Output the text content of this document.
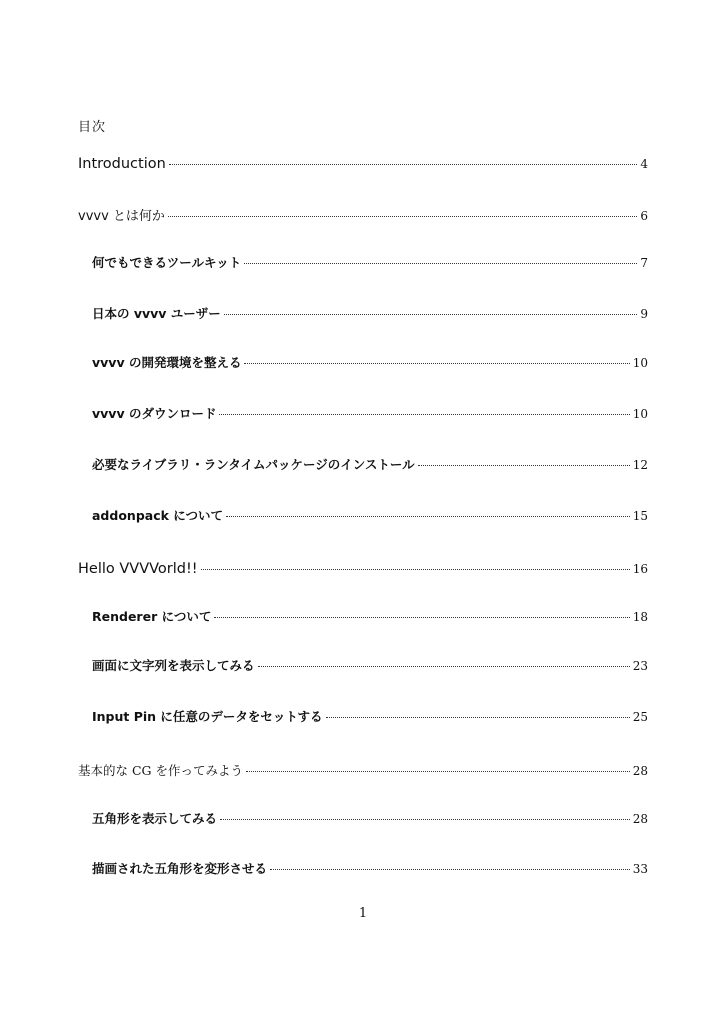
目次
Introduction	4
vvvv とは何か	6
何でもできるツールキット	7
日本の vvvv ユーザー	9
vvvv の開発環境を整える	10
vvvv のダウンロード	10
必要なライブラリ・ランタイムパッケージのインストール	12
addonpack について	15
Hello VVVVorld!!	16
Renderer について	18
画面に文字列を表示してみる	23
Input Pin に任意のデータをセットする	25
基本的な CG を作ってみよう	28
五角形を表示してみる	28
描画された五角形を変形させる	33
1
